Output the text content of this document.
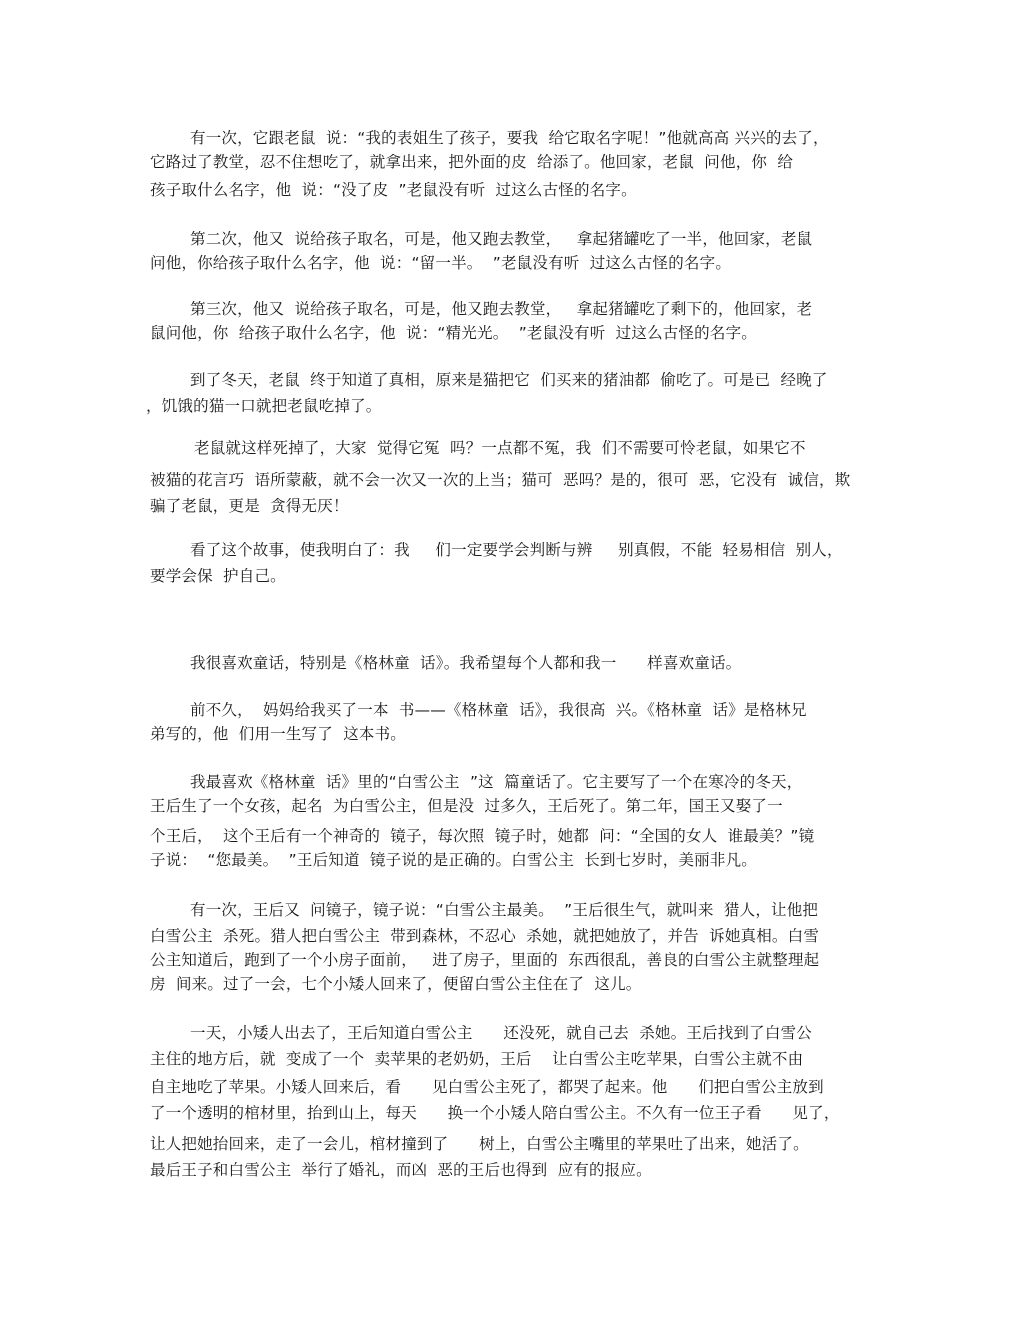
有一次，它跟老鼠  说：“我的表姐生了孩子，要我  给它取名字呢！”他就高高 兴兴的去了，
它路过了教堂，忍不住想吃了，就拿出来，把外面的皮  给添了。他回家，老鼠  问他，你  给
孩子取什么名字，他  说：“没了皮  ”老鼠没有听  过这么古怪的名字。
第二次，他又  说给孩子取名，可是，他又跑去教堂，   拿起猪罐吃了一半，他回家，老鼠
问他，你给孩子取什么名字，他  说：“留一半。  ”老鼠没有听  过这么古怪的名字。
第三次，他又  说给孩子取名，可是，他又跑去教堂，   拿起猪罐吃了剩下的，他回家，老
鼠问他，你  给孩子取什么名字，他  说：“精光光。  ”老鼠没有听  过这么古怪的名字。
到了冬天，老鼠  终于知道了真相，原来是猫把它  们买来的猪油都  偷吃了。可是已  经晚了
，饥饿的猫一口就把老鼠吃掉了。
老鼠就这样死掉了，大家  觉得它冤  吗？一点都不冤，我  们不需要可怜老鼠，如果它不
被猫的花言巧  语所蒙蔽，就不会一次又一次的上当；猫可  恶吗？是的，很可  恶，它没有  诚信，欺
骗了老鼠，更是  贪得无厌！
看了这个故事，使我明白了：我     们一定要学会判断与辨     别真假，不能  轻易相信  别人，
要学会保  护自己。
我很喜欢童话，特别是《格林童  话》。我希望每个人都和我一      样喜欢童话。
前不久，  妈妈给我买了一本  书——《格林童  话》，我很高  兴。《格林童  话》是格林兄
弟写的，他  们用一生写了  这本书。
我最喜欢《格林童  话》里的“白雪公主  ”这  篇童话了。它主要写了一个在寒冷的冬天，
王后生了一个女孩，起名  为白雪公主，但是没  过多久，王后死了。第二年，国王又娶了一
个王后，  这个王后有一个神奇的  镜子，每次照  镜子时，她都  问：“全国的女人  谁最美？”镜
子说：  “您最美。  ”王后知道  镜子说的是正确的。白雪公主  长到七岁时，美丽非凡。
有一次，王后又  问镜子，镜子说：“白雪公主最美。  ”王后很生气，就叫来  猎人，让他把
白雪公主  杀死。猎人把白雪公主  带到森林，不忍心  杀她，就把她放了，并告  诉她真相。白雪
公主知道后，跑到了一个小房子面前，   进了房子，里面的  东西很乱，善良的白雪公主就整理起
房  间来。过了一会，七个小矮人回来了，便留白雪公主住在了  这儿。
一天，小矮人出去了，王后知道白雪公主      还没死，就自己去  杀她。王后找到了白雪公
主住的地方后，就  变成了一个  卖苹果的老奶奶，王后    让白雪公主吃苹果，白雪公主就不由
自主地吃了苹果。小矮人回来后，看      见白雪公主死了，都哭了起来。他      们把白雪公主放到
了一个透明的棺材里，抬到山上，每天      换一个小矮人陪白雪公主。不久有一位王子看      见了，
让人把她抬回来，走了一会儿，棺材撞到了      树上，白雪公主嘴里的苹果吐了出来，她活了。
最后王子和白雪公主  举行了婚礼，而凶  恶的王后也得到  应有的报应。
